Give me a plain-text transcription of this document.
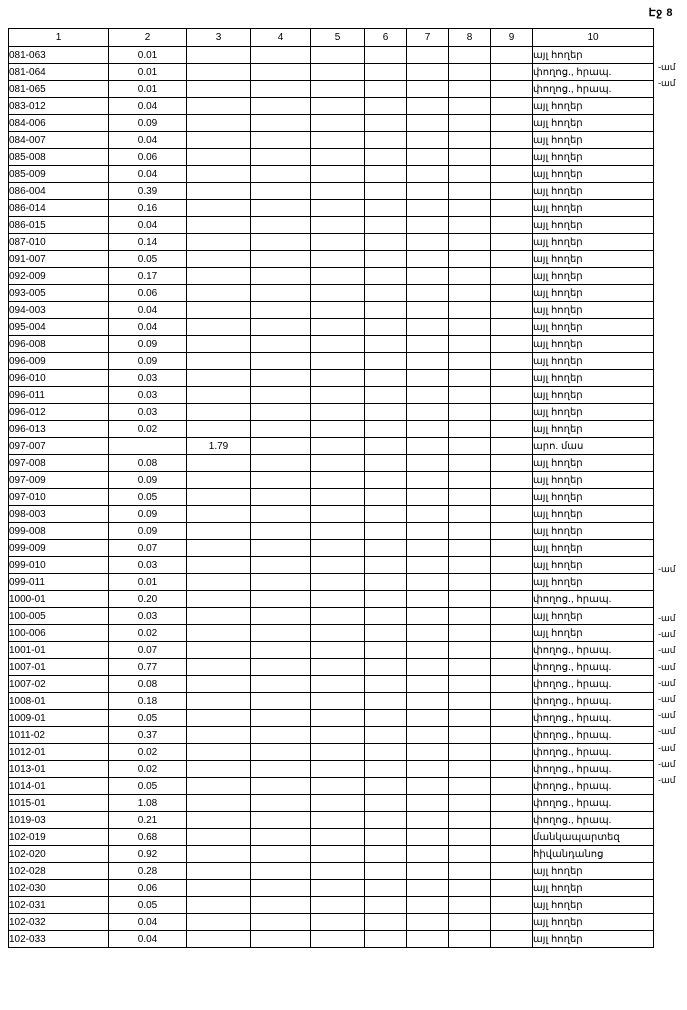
Էջ 8
1	2	3	4	5	6	7	8	9	10
081-063	0.01								այլ հողեր
081-064	0.01								փողոց., հրապ.
081-065	0.01								փողոց., հրապ.
083-012	0.04								այլ հողեր
084-006	0.09								այլ հողեր
084-007	0.04								այլ հողեր
085-008	0.06								այլ հողեր
085-009	0.04								այլ հողեր
086-004	0.39								այլ հողեր
086-014	0.16								այլ հողեր
086-015	0.04								այլ հողեր
087-010	0.14								այլ հողեր
091-007	0.05								այլ հողեր
092-009	0.17								այլ հողեր
093-005	0.06								այլ հողեր
094-003	0.04								այլ հողեր
095-004	0.04								այլ հողեր
096-008	0.09								այլ հողեր
096-009	0.09								այլ հողեր
096-010	0.03								այլ հողեր
096-011	0.03								այլ հողեր
096-012	0.03								այլ հողեր
096-013	0.02								այլ հողեր
097-007		1.79							արո. մաս
097-008	0.08								այլ հողեր
097-009	0.09								այլ հողեր
097-010	0.05								այլ հողեր
098-003	0.09								այլ հողեր
099-008	0.09								այլ հողեր
099-009	0.07								այլ հողեր
099-010	0.03								այլ հողեր
099-011	0.01								այլ հողեր
1000-01	0.20								փողոց., հրապ.
100-005	0.03								այլ հողեր
100-006	0.02								այլ հողեր
1001-01	0.07								փողոց., հրապ.
1007-01	0.77								փողոց., հրապ.
1007-02	0.08								փողոց., հրապ.
1008-01	0.18								փողոց., հրապ.
1009-01	0.05								փողոց., հրապ.
1011-02	0.37								փողոց., հրապ.
1012-01	0.02								փողոց., հրապ.
1013-01	0.02								փողոց., հրապ.
1014-01	0.05								փողոց., հրապ.
1015-01	1.08								փողոց., հրապ.
1019-03	0.21								փողոց., հրապ.
102-019	0.68								մանկապարտեզ
102-020	0.92								հիվանդանոց
102-028	0.28								այլ հողեր
102-030	0.06								այլ հողեր
102-031	0.05								այլ հողեր
102-032	0.04								այլ հողեր
102-033	0.04								այլ հողեր
-ամ
-ամ
-ամ
-ամ
-ամ
-ամ
-ամ
-ամ
-ամ
-ամ
-ամ
-ամ
-ամ
-ամ
